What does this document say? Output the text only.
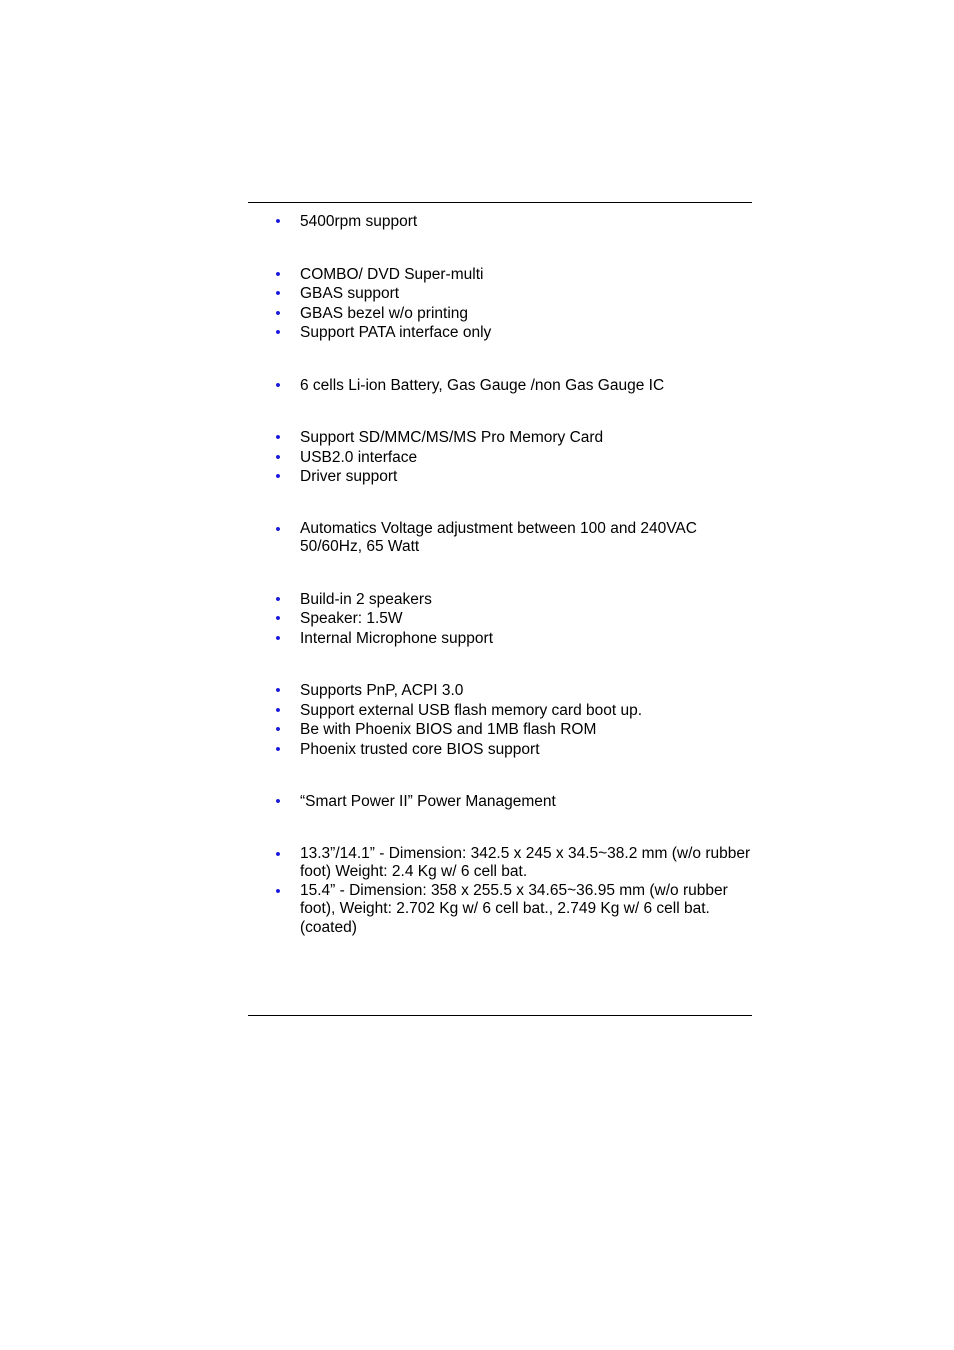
• 5400rpm support
• COMBO/ DVD Super-multi
• GBAS support
• GBAS bezel w/o printing
• Support PATA interface only
• 6 cells Li-ion Battery, Gas Gauge /non Gas Gauge IC
• Support SD/MMC/MS/MS Pro Memory Card
• USB2.0 interface
• Driver support
• Automatics Voltage adjustment between 100 and 240VAC 50/60Hz, 65 Watt
• Build-in 2 speakers
• Speaker: 1.5W
• Internal Microphone support
• Supports PnP, ACPI 3.0
• Support external USB flash memory card boot up.
• Be with Phoenix BIOS and 1MB flash ROM
• Phoenix trusted core BIOS support
• “Smart Power II” Power Management
• 13.3”/14.1” - Dimension: 342.5 x 245 x 34.5~38.2 mm (w/o rubber foot) Weight: 2.4 Kg w/ 6 cell bat.
• 15.4” - Dimension: 358 x 255.5 x 34.65~36.95 mm (w/o rubber foot), Weight: 2.702 Kg w/ 6 cell bat., 2.749 Kg w/ 6 cell bat. (coated)
